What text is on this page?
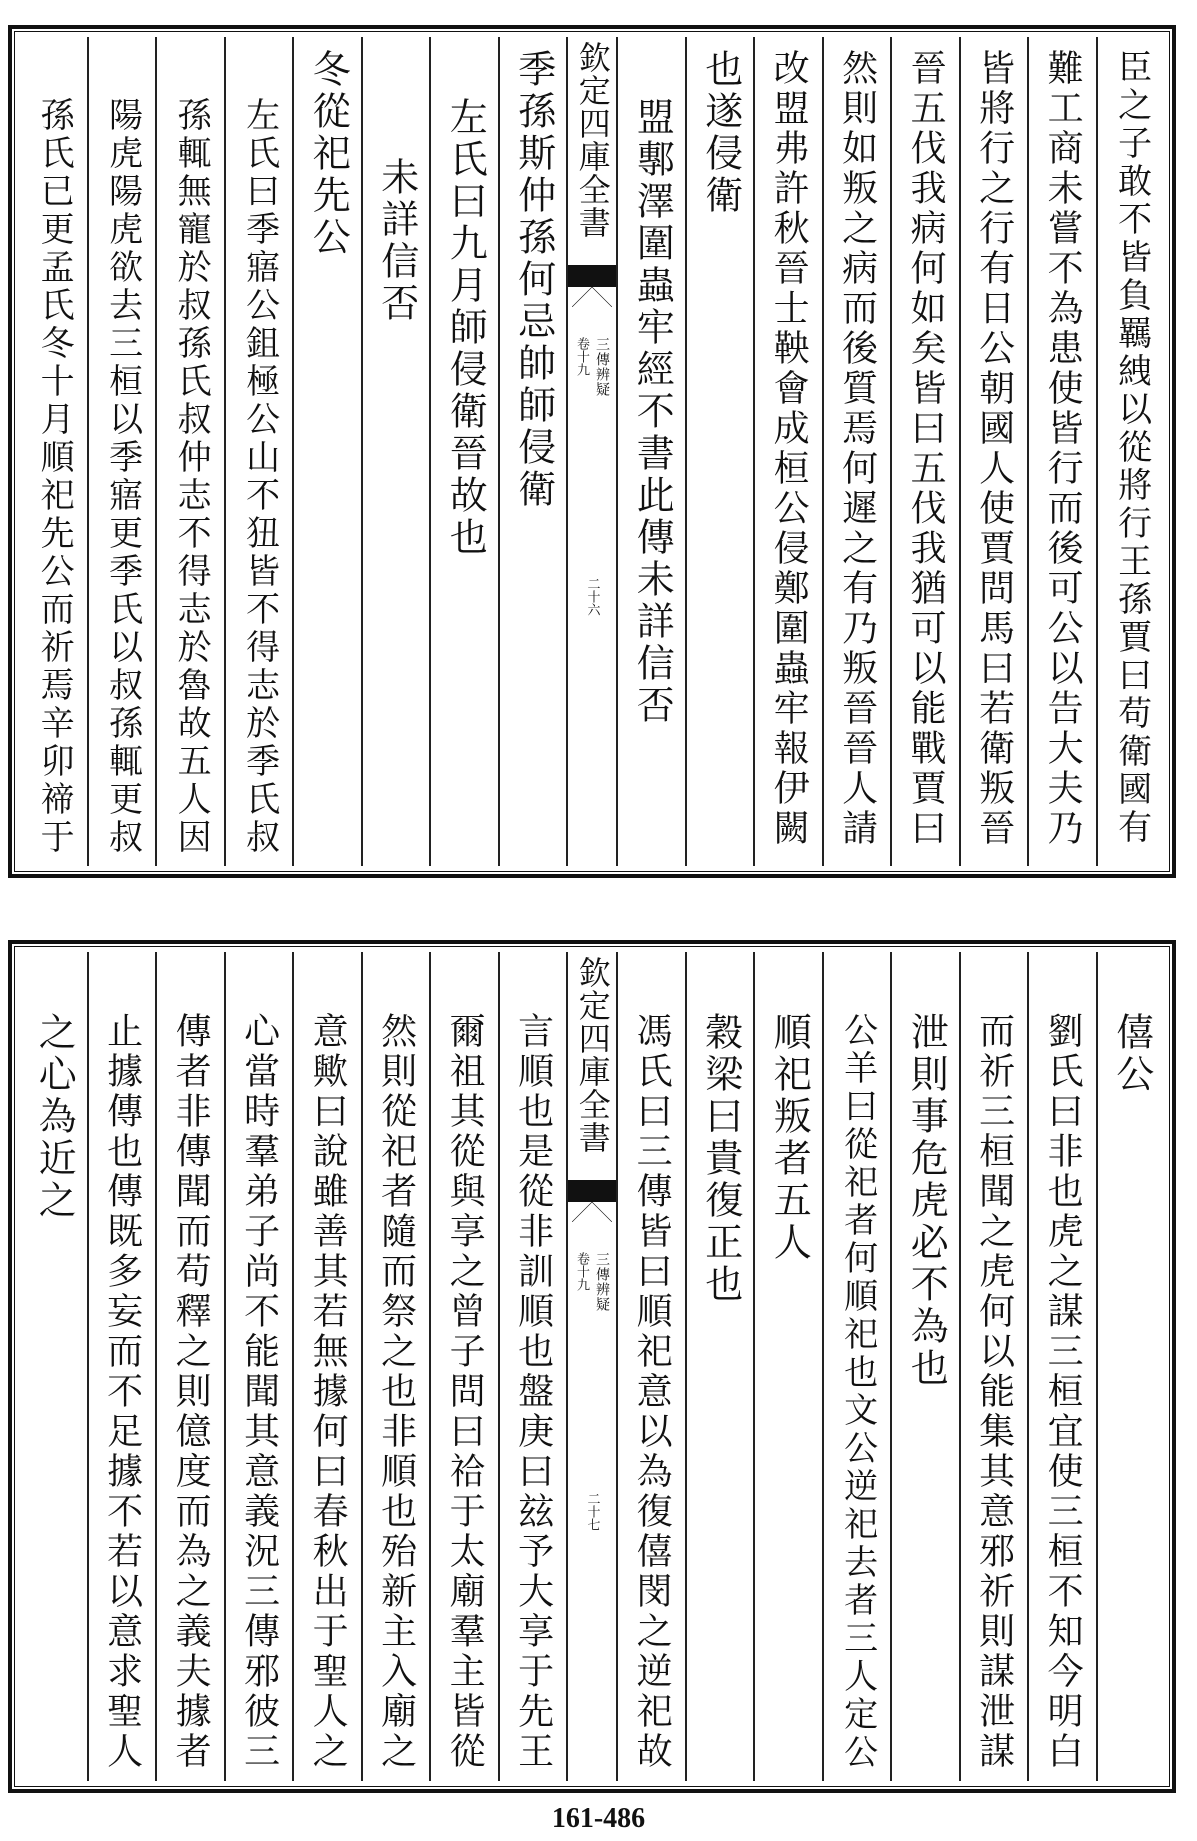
臣之子敢不皆負羈絏以從將行王孫賈曰苟衛國有
難工商未嘗不為患使皆行而後可公以告大夫乃
皆將行之行有日公朝國人使賈問馬曰若衛叛晉
晉五伐我病何如矣皆曰五伐我猶可以能戰賈曰
然則如叛之病而後質焉何遲之有乃叛晉晉人請
改盟弗許秋晉士鞅會成桓公侵鄭圍蟲牢報伊闕
也遂侵衛
盟鄟澤圍蟲牢經不書此傳未詳信否
欽定四庫全書
三傳辨疑
卷十九
二十六
季孫斯仲孫何忌帥師侵衛
左氏曰九月師侵衛晉故也
未詳信否
冬從祀先公
左氏曰季寤公鉏極公山不狃皆不得志於季氏叔
孫輒無寵於叔孫氏叔仲志不得志於魯故五人因
陽虎陽虎欲去三桓以季寤更季氏以叔孫輒更叔
孫氏已更孟氏冬十月順祀先公而祈焉辛卯禘于
僖公
劉氏曰非也虎之謀三桓宜使三桓不知今明白
而祈三桓聞之虎何以能集其意邪祈則謀泄謀
泄則事危虎必不為也
公羊曰從祀者何順祀也文公逆祀去者三人定公
順祀叛者五人
穀梁曰貴復正也
馮氏曰三傳皆曰順祀意以為復僖閔之逆祀故
欽定四庫全書
三傳辨疑
卷十九
二十七
言順也是從非訓順也盤庚曰玆予大享于先王
爾祖其從與享之曾子問曰祫于太廟羣主皆從
然則從祀者隨而祭之也非順也殆新主入廟之
意歟曰說雖善其若無據何曰春秋出于聖人之
心當時羣弟子尚不能聞其意義況三傳邪彼三
傳者非傳聞而苟釋之則億度而為之義夫據者
止據傳也傳既多妄而不足據不若以意求聖人
之心為近之
161-486
